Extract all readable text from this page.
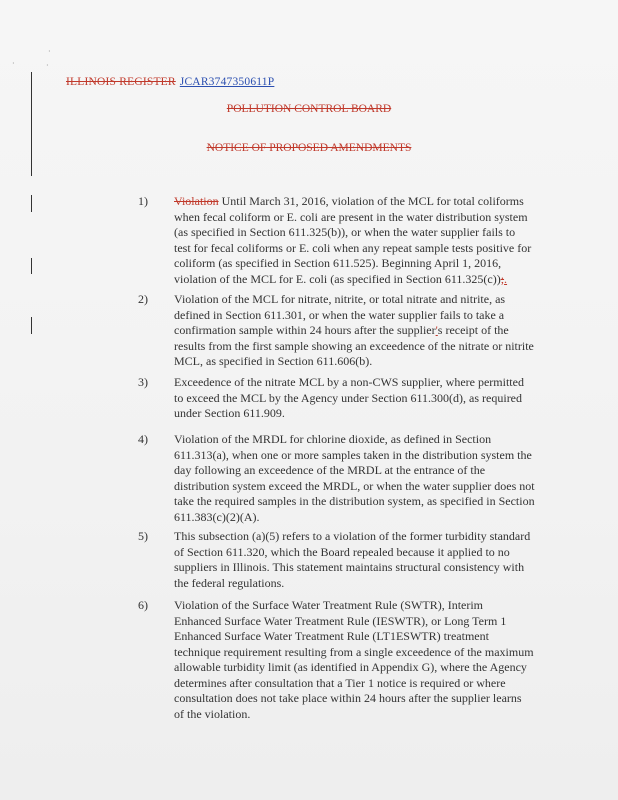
·
·	·
ILLINOIS REGISTER JCAR3747350611P
POLLUTION CONTROL BOARD
NOTICE OF PROPOSED AMENDMENTS
1) Violation Until March 31, 2016, violation of the MCL for total coliforms
when fecal coliform or E. coli are present in the water distribution system
(as specified in Section 611.325(b)), or when the water supplier fails to
test for fecal coliforms or E. coli when any repeat sample tests positive for
coliform (as specified in Section 611.525). Beginning April 1, 2016,
violation of the MCL for E. coli (as specified in Section 611.325(c));.
2) Violation of the MCL for nitrate, nitrite, or total nitrate and nitrite, as
defined in Section 611.301, or when the water supplier fails to take a
confirmation sample within 24 hours after the supplier's receipt of the
results from the first sample showing an exceedence of the nitrate or nitrite
MCL, as specified in Section 611.606(b).
3) Exceedence of the nitrate MCL by a non-CWS supplier, where permitted
to exceed the MCL by the Agency under Section 611.300(d), as required
under Section 611.909.
4) Violation of the MRDL for chlorine dioxide, as defined in Section
611.313(a), when one or more samples taken in the distribution system the
day following an exceedence of the MRDL at the entrance of the
distribution system exceed the MRDL, or when the water supplier does not
take the required samples in the distribution system, as specified in Section
611.383(c)(2)(A).
5) This subsection (a)(5) refers to a violation of the former turbidity standard
of Section 611.320, which the Board repealed because it applied to no
suppliers in Illinois. This statement maintains structural consistency with
the federal regulations.
6) Violation of the Surface Water Treatment Rule (SWTR), Interim
Enhanced Surface Water Treatment Rule (IESWTR), or Long Term 1
Enhanced Surface Water Treatment Rule (LT1ESWTR) treatment
technique requirement resulting from a single exceedence of the maximum
allowable turbidity limit (as identified in Appendix G), where the Agency
determines after consultation that a Tier 1 notice is required or where
consultation does not take place within 24 hours after the supplier learns
of the violation.
